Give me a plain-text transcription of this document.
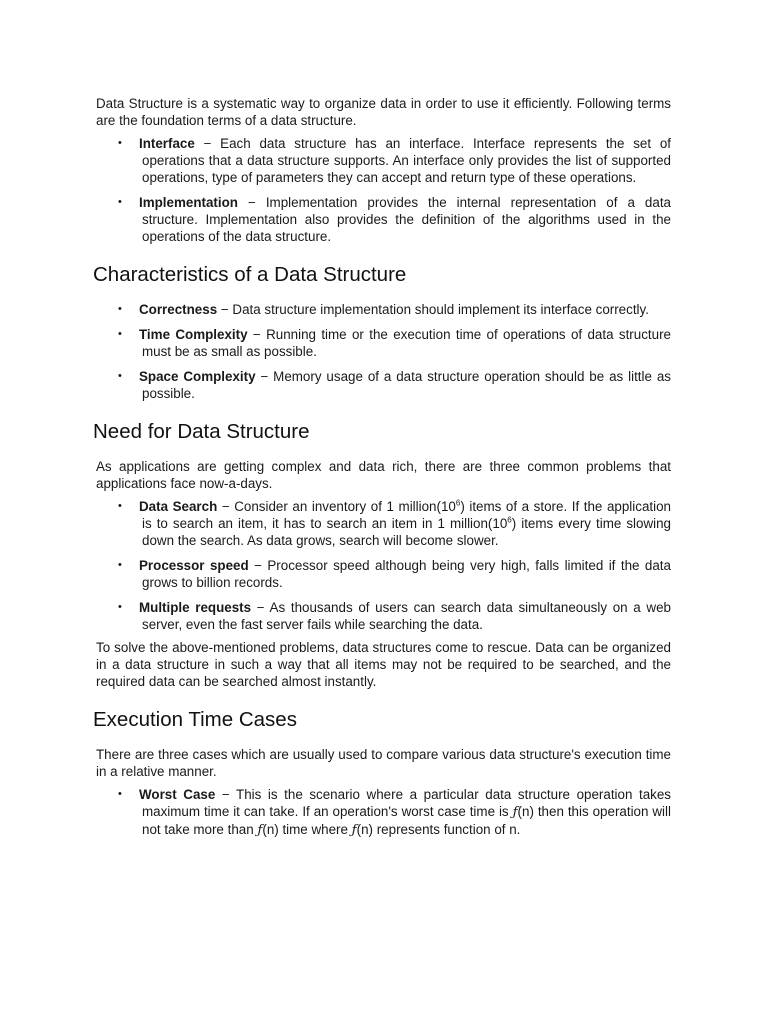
Data Structure is a systematic way to organize data in order to use it efficiently. Following terms are the foundation terms of a data structure.

• Interface − Each data structure has an interface. Interface represents the set of operations that a data structure supports. An interface only provides the list of supported operations, type of parameters they can accept and return type of these operations.
• Implementation − Implementation provides the internal representation of a data structure. Implementation also provides the definition of the algorithms used in the operations of the data structure.
Characteristics of a Data Structure
• Correctness − Data structure implementation should implement its interface correctly.
• Time Complexity − Running time or the execution time of operations of data structure must be as small as possible.
• Space Complexity − Memory usage of a data structure operation should be as little as possible.
Need for Data Structure

As applications are getting complex and data rich, there are three common problems that applications face now-a-days.

• Data Search − Consider an inventory of 1 $million(10^6)$ items of a store. If the application is to search an item, it has to search an item in 1 $million(10^6)$ items every time slowing down the search. As data grows, search will become slower.
• Processor speed − Processor speed although being very high, falls limited if the data grows to billion records.
• Multiple requests − As thousands of users can search data simultaneously on a web server, even the fast server fails while searching the data.

To solve the above-mentioned problems, data structures come to rescue. Data can be organized in a data structure in such a way that all items may not be required to be searched, and the required data can be searched almost instantly.

Execution Time Cases

There are three cases which are usually used to compare various data structure's execution time in a relative manner.

• Worst Case − This is the scenario where a particular data structure operation takes maximum time it can take. If an operation's worst case time is ƒ(n) then this operation will not take more than ƒ(n) time where ƒ(n) represents function of n.
